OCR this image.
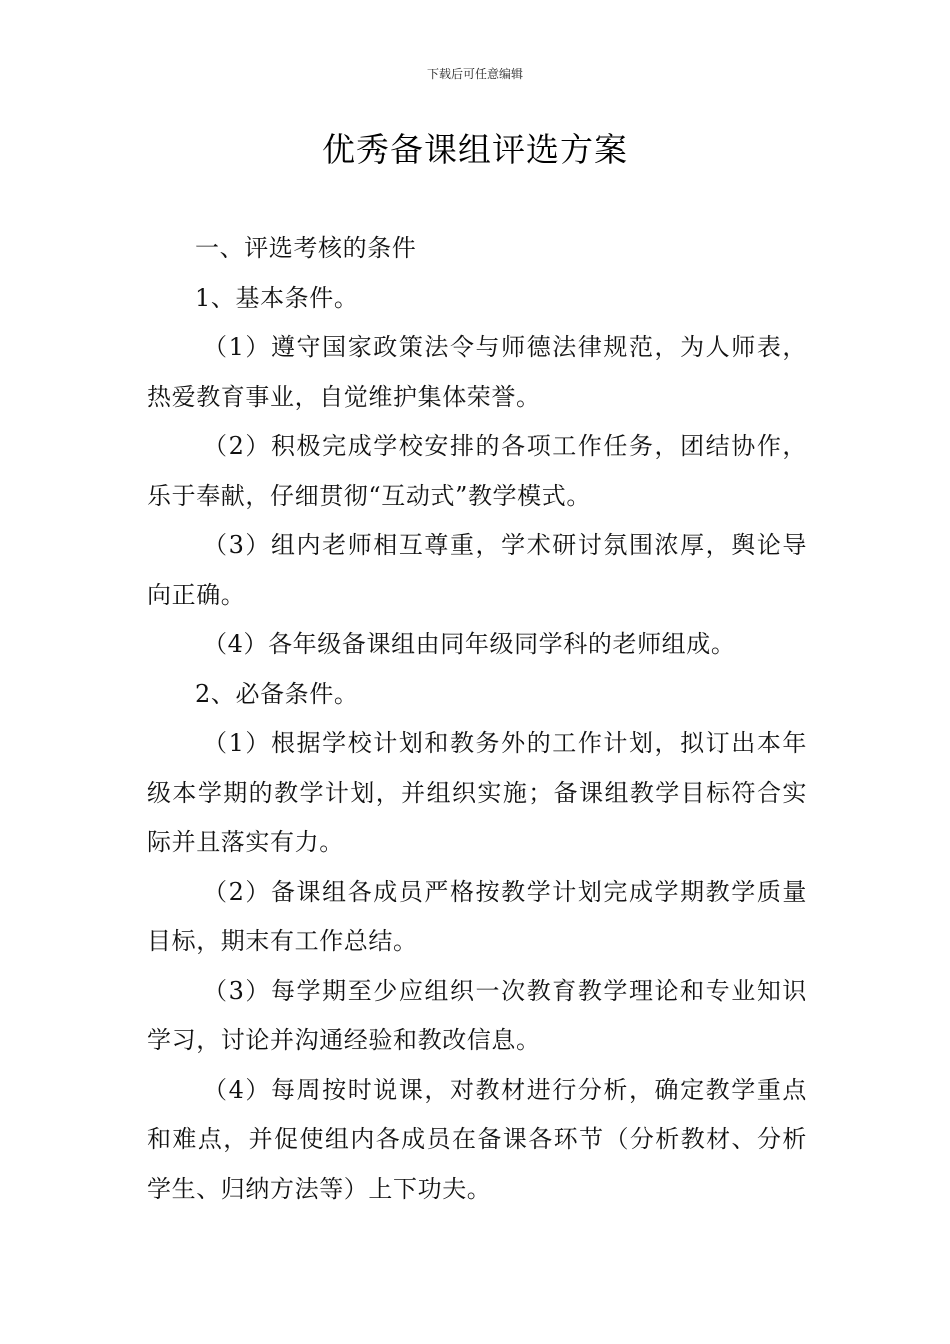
下载后可任意编辑
优秀备课组评选方案

一、评选考核的条件

1、基本条件。

（1）遵守国家政策法令与师德法律规范，为人师表，热爱教育事业，自觉维护集体荣誉。

（2）积极完成学校安排的各项工作任务，团结协作，乐于奉献，仔细贯彻“互动式”教学模式。

（3）组内老师相互尊重，学术研讨氛围浓厚，舆论导向正确。

（4）各年级备课组由同年级同学科的老师组成。

2、必备条件。

（1）根据学校计划和教务外的工作计划，拟订出本年级本学期的教学计划，并组织实施；备课组教学目标符合实际并且落实有力。

（2）备课组各成员严格按教学计划完成学期教学质量目标，期末有工作总结。

（3）每学期至少应组织一次教育教学理论和专业知识学习，讨论并沟通经验和教改信息。

（4）每周按时说课，对教材进行分析，确定教学重点和难点，并促使组内各成员在备课各环节（分析教材、分析学生、归纳方法等）上下功夫。
